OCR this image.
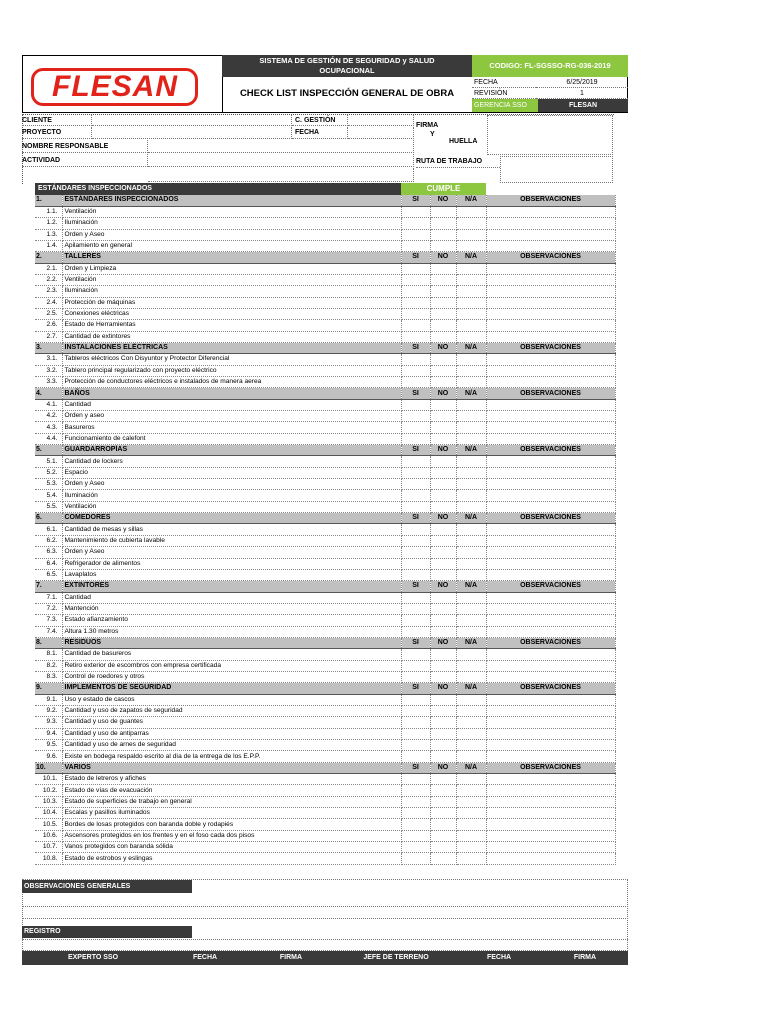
FLESAN
SISTEMA DE GESTIÓN DE SEGURIDAD y SALUD OCUPACIONAL
CHECK LIST INSPECCIÓN GENERAL DE OBRA
CODIGO: FL-SGSSO-RG-036-2019
FECHA	6/25/2019
REVISIÓN	1
GERENCIA SSO	FLESAN
CLIENTE
PROYECTO
C. GESTIÓN
FECHA
NOMBRE RESPONSABLE
ACTIVIDAD
FIRMA
Y
HUELLA
RUTA DE TRABAJO
ESTÁNDARES INSPECCIONADOS	CUMPLE
1.	ESTÁNDARES INSPECCIONADOS	SI	NO	N/A	OBSERVACIONES
1.1.	Ventilación				
1.2.	Iluminación				
1.3.	Orden y Aseo				
1.4.	Apilamiento en general				
2.	TALLERES	SI	NO	N/A	OBSERVACIONES
2.1.	Orden y Limpieza				
2.2.	Ventilación				
2.3.	Iluminación				
2.4.	Protección de máquinas				
2.5.	Conexiones eléctricas				
2.6.	Estado de Herramientas				
2.7.	Cantidad de extintores				
3.	INSTALACIONES ELÉCTRICAS	SI	NO	N/A	OBSERVACIONES
3.1.	Tableros eléctricos Con Disyuntor y Protector Diferencial				
3.2.	Tablero principal regularizado con proyecto eléctrico				
3.3.	Protección de conductores eléctricos e instalados de manera aerea				
4.	BAÑOS	SI	NO	N/A	OBSERVACIONES
4.1.	Cantidad				
4.2.	Orden y aseo				
4.3.	Basureros				
4.4.	Funcionamiento de calefont				
5.	GUARDARROPÍAS	SI	NO	N/A	OBSERVACIONES
5.1.	Cantidad de lockers				
5.2.	Espacio				
5.3.	Orden y Aseo				
5.4.	Iluminación				
5.5.	Ventilación				
6.	COMEDORES	SI	NO	N/A	OBSERVACIONES
6.1.	Cantidad de mesas y sillas				
6.2.	Mantenimiento de cubierta lavable				
6.3.	Orden y Aseo				
6.4.	Refrigerador de alimentos				
6.5.	Lavaplatos				
7.	EXTINTORES	SI	NO	N/A	OBSERVACIONES
7.1.	Cantidad				
7.2.	Mantención				
7.3.	Estado afianzamiento				
7.4.	Altura 1.30 metros				
8.	RESIDUOS	SI	NO	N/A	OBSERVACIONES
8.1.	Cantidad de basureros				
8.2.	Retiro exterior de escombros con empresa certificada				
8.3.	Control de roedores y otros				
9.	IMPLEMENTOS DE SEGURIDAD	SI	NO	N/A	OBSERVACIONES
9.1.	Uso y estado de cascos				
9.2.	Cantidad y uso de zapatos de seguridad				
9.3.	Cantidad y uso de guantes				
9.4.	Cantidad y uso de antiparras				
9.5.	Cantidad y uso de arnes de seguridad				
9.6.	Existe en bodega respaldo escrito al día de la entrega de los E.P.P.				
10.	VARIOS	SI	NO	N/A	OBSERVACIONES
10.1.	Estado de letreros y afiches				
10.2.	Estado de vías de evacuación				
10.3.	Estado de superficies de trabajo en general				
10.4.	Escalas y pasillos iluminados				
10.5.	Bordes de losas protegidos con baranda doble y rodapiés				
10.6.	Ascensores protegidos en los frentes y en el foso cada dos pisos				
10.7.	Vanos protegidos con baranda sólida				
10.8.	Estado de estrobos y eslingas				
OBSERVACIONES GENERALES
REGISTRO
EXPERTO SSO	FECHA	FIRMA	JEFE DE TERRENO	FECHA	FIRMA
